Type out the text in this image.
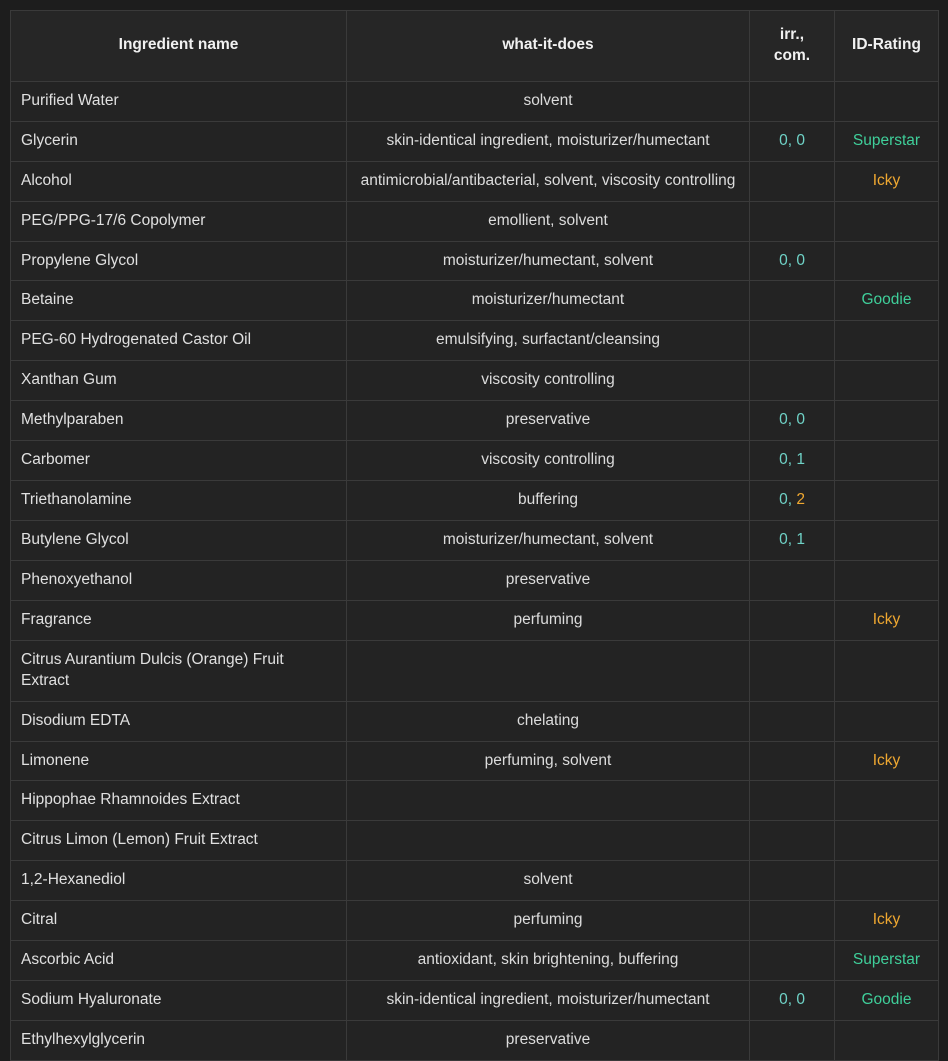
Ingredient name	what-it-does	irr., com.	ID-Rating
Purified Water	solvent		
Glycerin	skin-identical ingredient, moisturizer/humectant	0, 0	Superstar
Alcohol	antimicrobial/antibacterial, solvent, viscosity controlling		Icky
PEG/PPG-17/6 Copolymer	emollient, solvent		
Propylene Glycol	moisturizer/humectant, solvent	0, 0	
Betaine	moisturizer/humectant		Goodie
PEG-60 Hydrogenated Castor Oil	emulsifying, surfactant/cleansing		
Xanthan Gum	viscosity controlling		
Methylparaben	preservative	0, 0	
Carbomer	viscosity controlling	0, 1	
Triethanolamine	buffering	0, 2	
Butylene Glycol	moisturizer/humectant, solvent	0, 1	
Phenoxyethanol	preservative		
Fragrance	perfuming		Icky
Citrus Aurantium Dulcis (Orange) Fruit Extract			
Disodium EDTA	chelating		
Limonene	perfuming, solvent		Icky
Hippophae Rhamnoides Extract			
Citrus Limon (Lemon) Fruit Extract			
1,2-Hexanediol	solvent		
Citral	perfuming		Icky
Ascorbic Acid	antioxidant, skin brightening, buffering		Superstar
Sodium Hyaluronate	skin-identical ingredient, moisturizer/humectant	0, 0	Goodie
Ethylhexylglycerin	preservative		
